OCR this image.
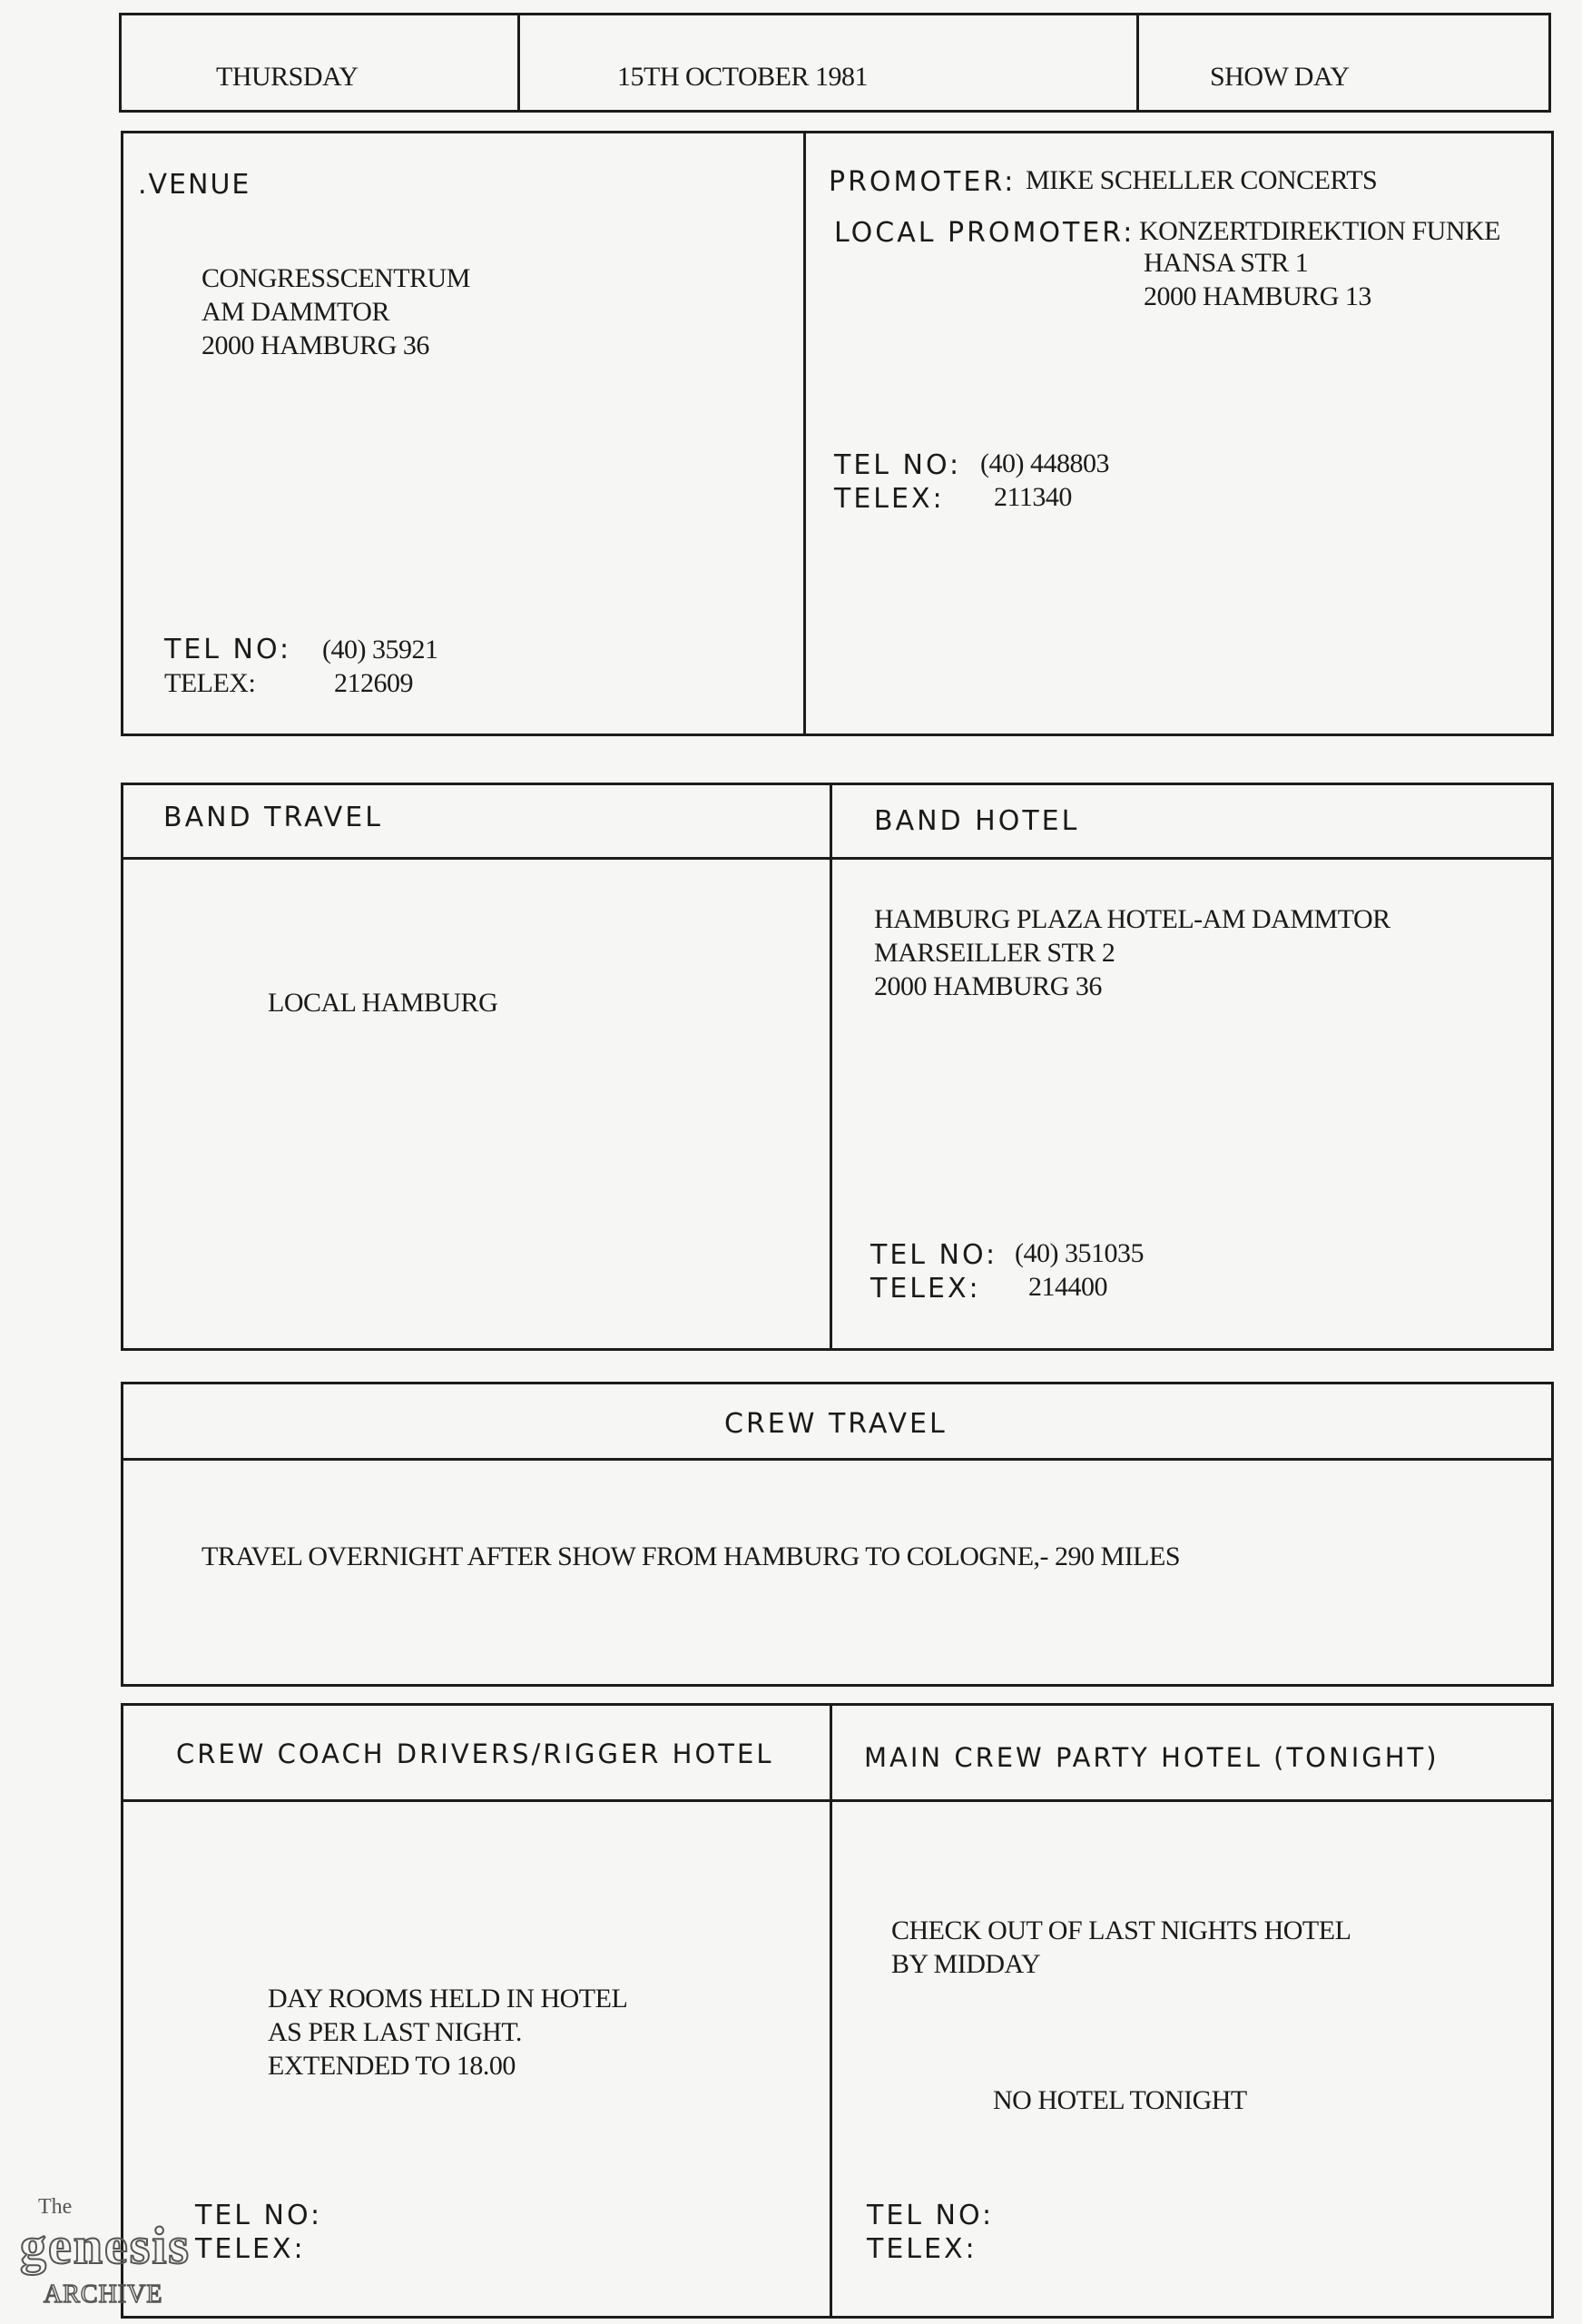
THURSDAY	15TH OCTOBER 1981	SHOW DAY
.VENUE
CONGRESSCENTRUM
AM DAMMTOR
2000 HAMBURG 36
TEL NO: (40) 35921
TELEX:	212609
PROMOTER: MIKE SCHELLER CONCERTS
LOCAL PROMOTER: KONZERTDIREKTION FUNKE
HANSA STR 1
2000 HAMBURG 13
TEL NO: (40) 448803
TELEX: 211340
BAND TRAVEL
LOCAL HAMBURG
BAND HOTEL
HAMBURG PLAZA HOTEL-AM DAMMTOR
MARSEILLER STR 2
2000 HAMBURG 36
TEL NO: (40) 351035
TELEX: 214400
CREW TRAVEL
TRAVEL OVERNIGHT AFTER SHOW FROM HAMBURG TO COLOGNE,- 290 MILES
CREW COACH DRIVERS/RIGGER HOTEL
DAY ROOMS HELD IN HOTEL
AS PER LAST NIGHT.
EXTENDED TO 18.00
TEL NO:
TELEX:
MAIN CREW PARTY HOTEL (TONIGHT)
CHECK OUT OF LAST NIGHTS HOTEL
BY MIDDAY
NO HOTEL TONIGHT
TEL NO:
TELEX:
The
genesis
ARCHIVE
